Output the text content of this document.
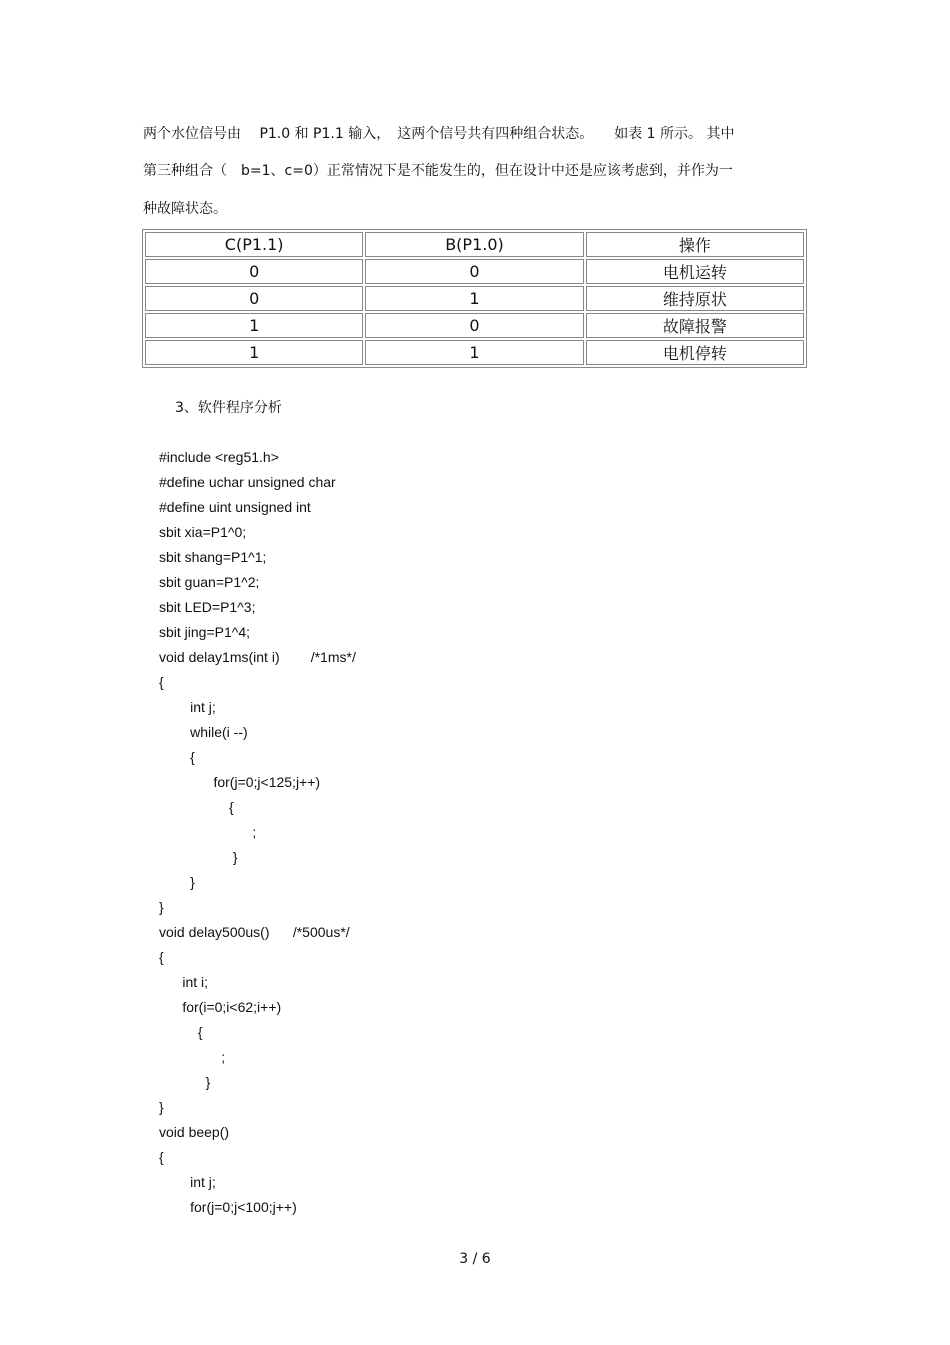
两个水位信号由　 P1.0 和 P1.1 输入，　这两个信号共有四种组合状态。　　如表 1 所示。 其中
第三种组合（　b=1、c=0）正常情况下是不能发生的，但在设计中还是应该考虑到，并作为一
种故障状态。
C(P1.1)	B(P1.0)	操作
0	0	电机运转
0	1	维持原状
1	0	故障报警
1	1	电机停转
3、软件程序分析
#include <reg51.h>
#define uchar unsigned char
#define uint unsigned int
sbit xia=P1^0;
sbit shang=P1^1;
sbit guan=P1^2;
sbit LED=P1^3;
sbit jing=P1^4;
void delay1ms(int i)        /*1ms*/
{
int j;
while(i --)
{
for(j=0;j<125;j++)
{
;
}
}
}
void delay500us()      /*500us*/
{
int i;
for(i=0;i<62;i++)
{
;
}
}
void beep()
{
int j;
for(j=0;j<100;j++)
3 / 6
